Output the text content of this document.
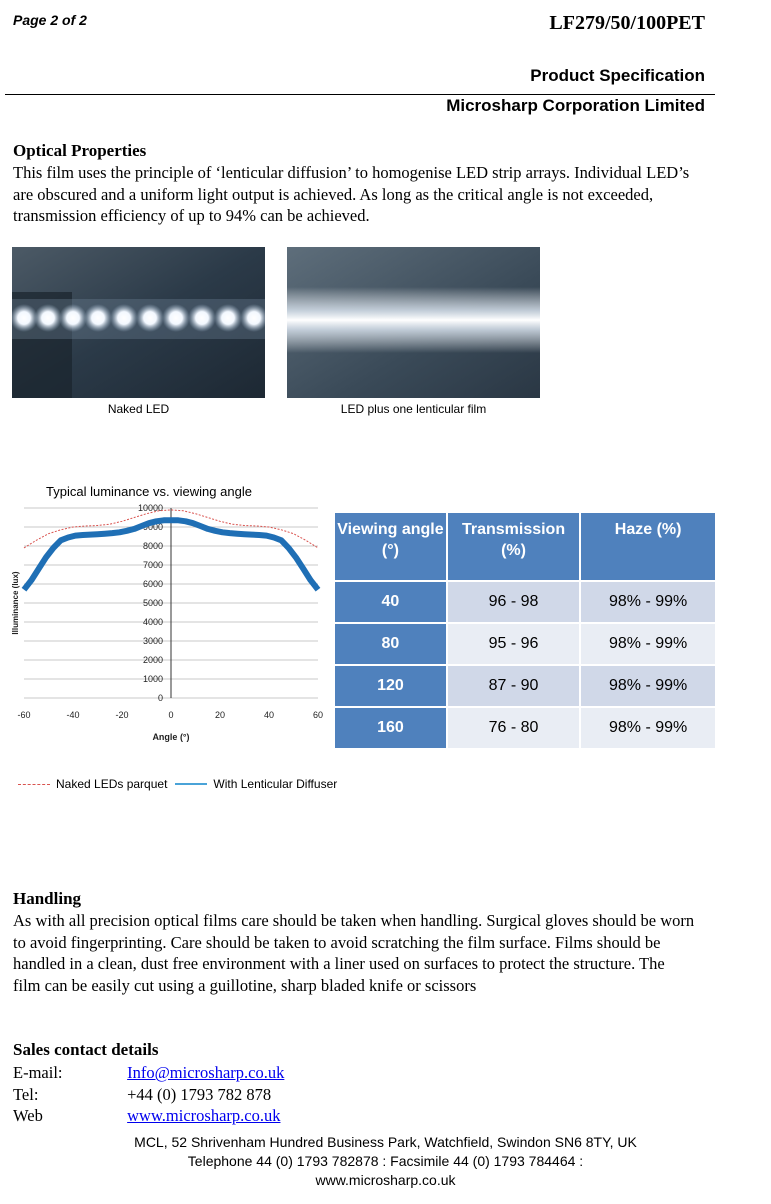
Page 2 of 2	LF279/50/100PET
Product Specification
Microsharp Corporation Limited
Optical Properties
This film uses the principle of ‘lenticular diffusion’ to homogenise LED strip arrays. Individual LED’s
are obscured and a uniform light output is achieved. As long as the critical angle is not exceeded,
transmission efficiency of up to 94% can be achieved.
Naked LED	LED plus one lenticular film
Typical luminance vs. viewing angle
0
1000
2000
3000
4000
5000
6000
7000
8000
9000
10000
-60	-40	-20	0	20	40	60
Angle (°)
Illuminance (lux)
Naked LEDs parquet	With Lenticular Diffuser
Viewing angle (°)	Transmission (%)	Haze (%)
40	96 - 98	98% - 99%
80	95 - 96	98% - 99%
120	87 - 90	98% - 99%
160	76 - 80	98% - 99%
Handling
As with all precision optical films care should be taken when handling. Surgical gloves should be worn
to avoid fingerprinting. Care should be taken to avoid scratching the film surface. Films should be
handled in a clean, dust free environment with a liner used on surfaces to protect the structure. The
film can be easily cut using a guillotine, sharp bladed knife or scissors
Sales contact details
E-mail:	Info@microsharp.co.uk
Tel:	+44 (0) 1793 782 878
Web	www.microsharp.co.uk
MCL, 52 Shrivenham Hundred Business Park, Watchfield, Swindon SN6 8TY, UK
Telephone 44 (0) 1793 782878 : Facsimile 44 (0) 1793 784464 :
www.microsharp.co.uk
